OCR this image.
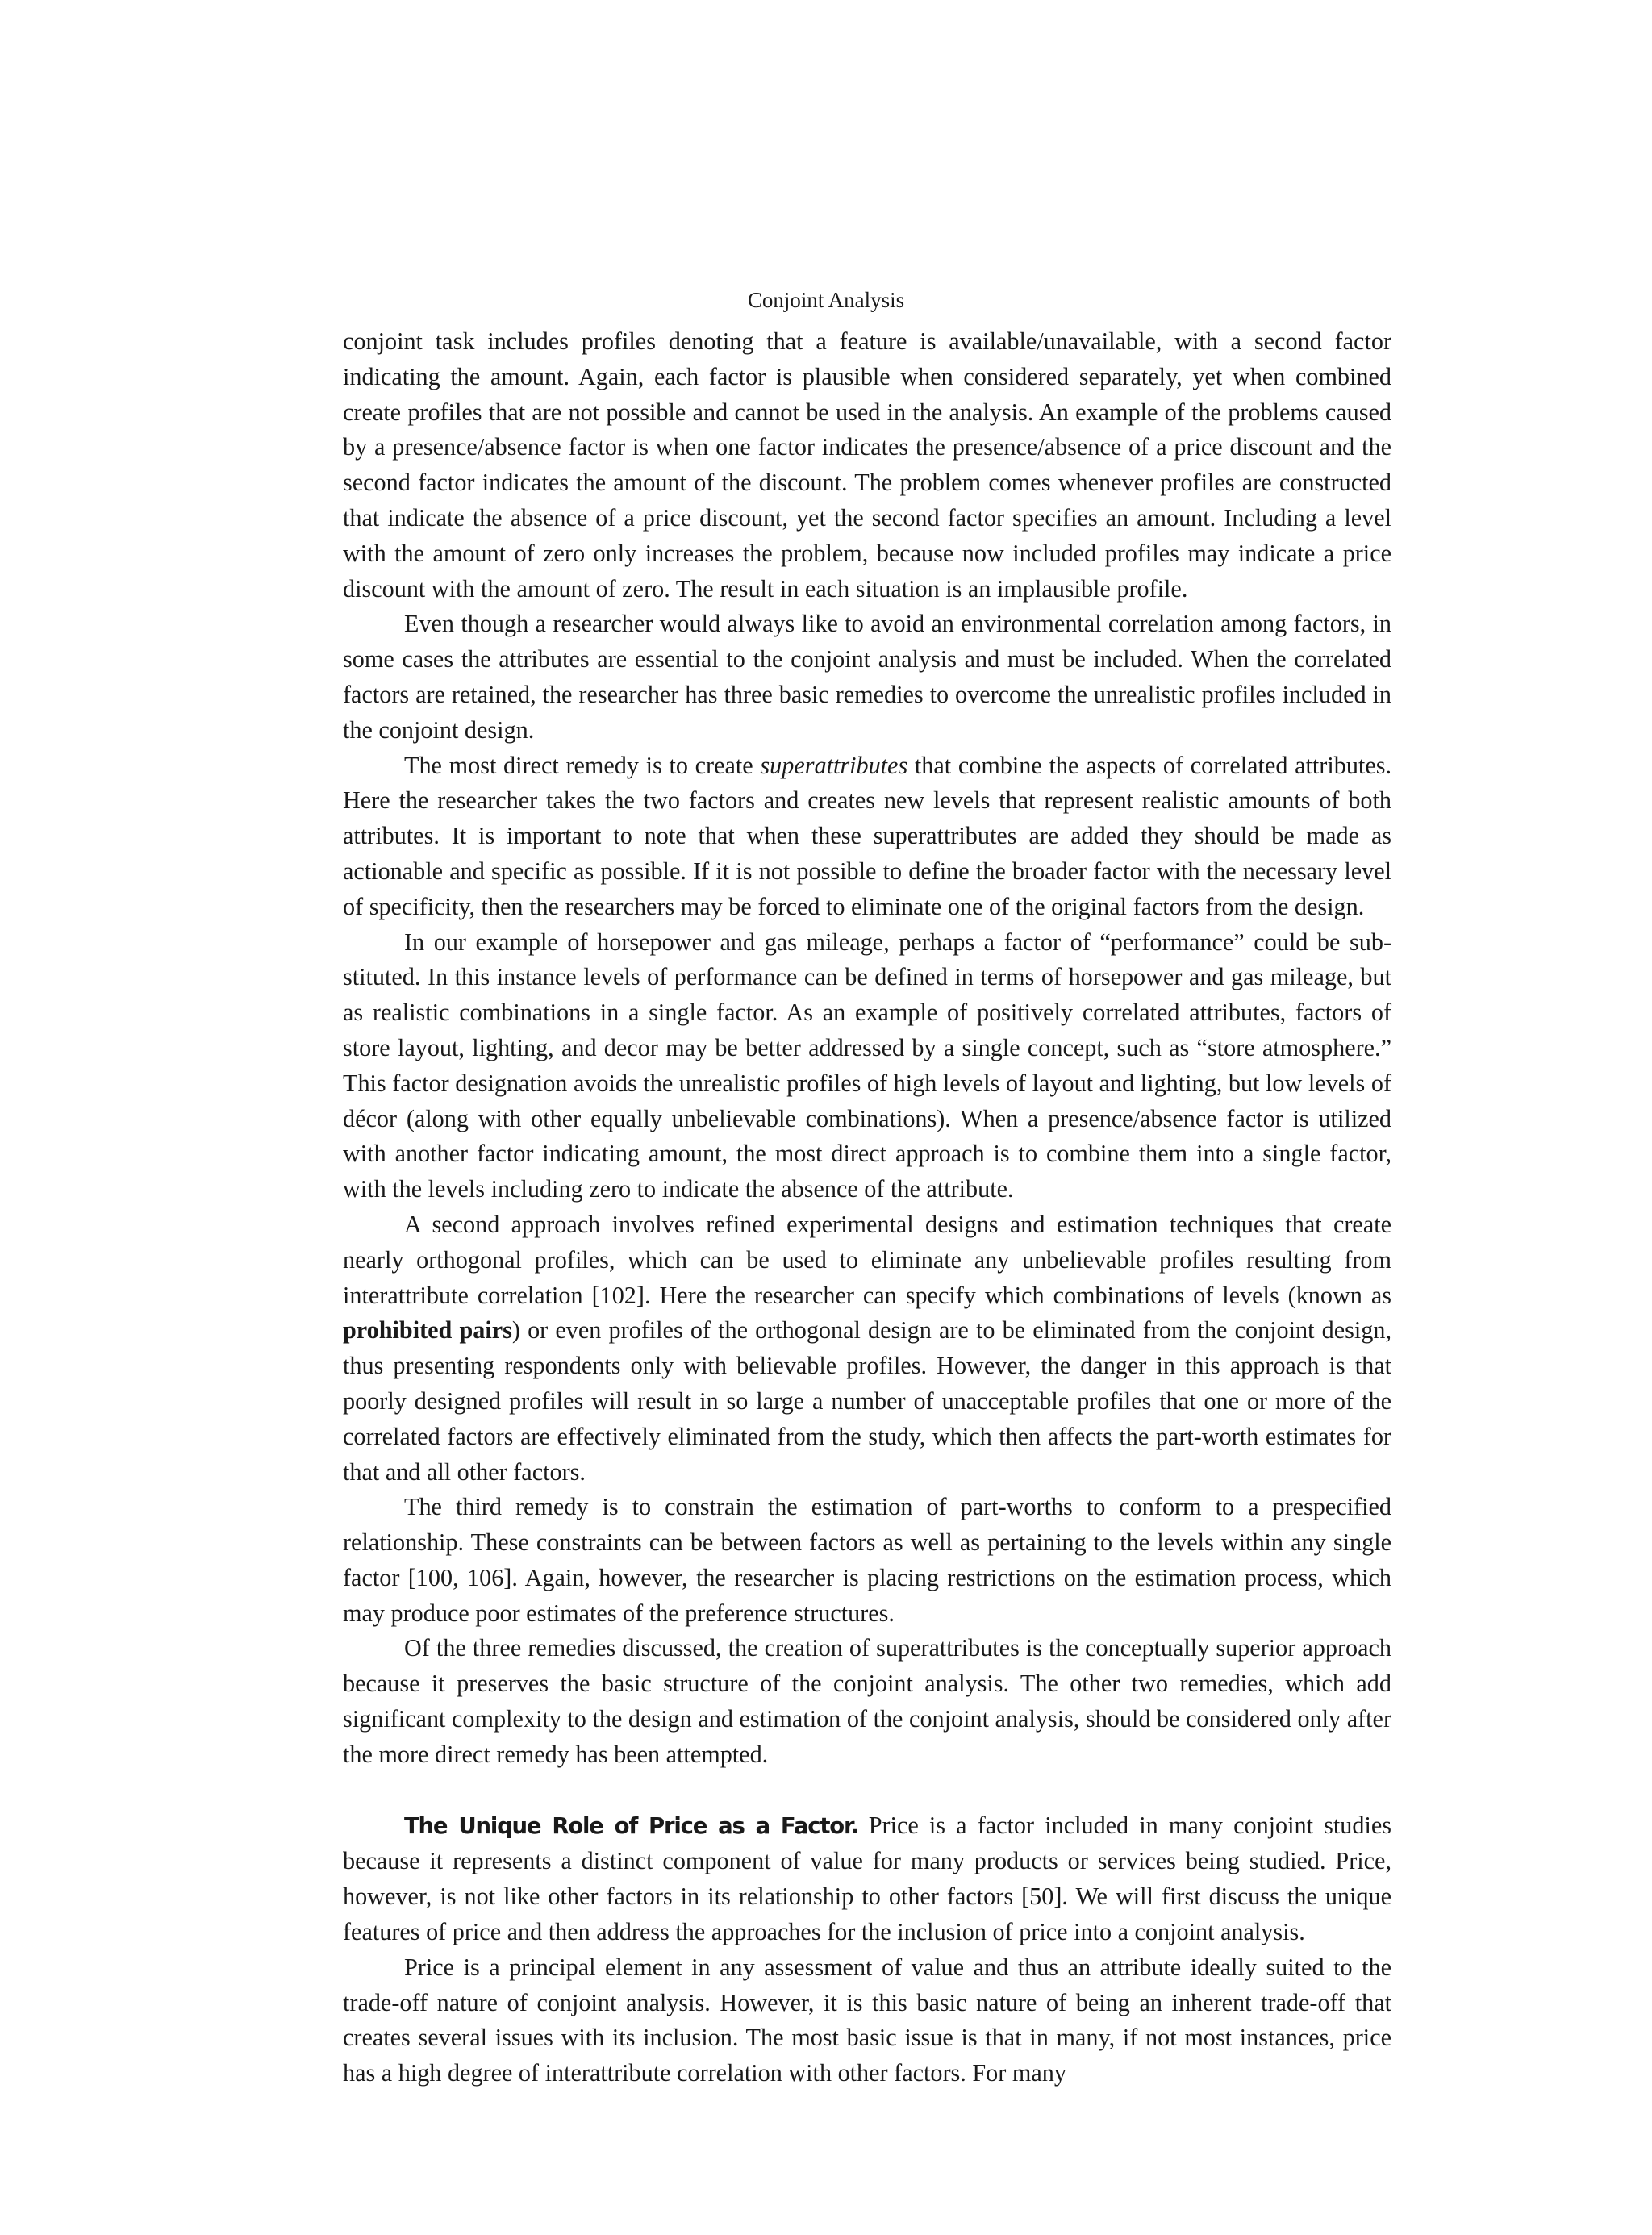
Conjoint Analysis

conjoint task includes profiles denoting that a feature is available/unavailable, with a second factor indicating the amount. Again, each factor is plausible when considered separately, yet when combined create profiles that are not possible and cannot be used in the analysis. An example of the problems caused by a presence/absence factor is when one factor indicates the presence/absence of a price discount and the second factor indicates the amount of the discount. The problem comes whenever profiles are constructed that indicate the absence of a price discount, yet the second factor specifies an amount. Including a level with the amount of zero only increases the problem, because now included profiles may indicate a price discount with the amount of zero. The result in each situation is an implausible profile.

Even though a researcher would always like to avoid an environmental correlation among factors, in some cases the attributes are essential to the conjoint analysis and must be included. When the correlated factors are retained, the researcher has three basic remedies to overcome the unrealistic profiles included in the conjoint design.

The most direct remedy is to create superattributes that combine the aspects of correlated attributes. Here the researcher takes the two factors and creates new levels that represent realistic amounts of both attributes. It is important to note that when these superattributes are added they should be made as actionable and specific as possible. If it is not possible to define the broader factor with the necessary level of specificity, then the researchers may be forced to eliminate one of the original factors from the design.

In our example of horsepower and gas mileage, perhaps a factor of “performance” could be substituted. In this instance levels of performance can be defined in terms of horsepower and gas mileage, but as realistic combinations in a single factor. As an example of positively correlated attributes, factors of store layout, lighting, and decor may be better addressed by a single concept, such as “store atmosphere.” This factor designation avoids the unrealistic profiles of high levels of layout and lighting, but low levels of décor (along with other equally unbelievable combinations). When a presence/absence factor is utilized with another factor indicating amount, the most direct approach is to combine them into a single factor, with the levels including zero to indicate the absence of the attribute.

A second approach involves refined experimental designs and estimation techniques that create nearly orthogonal profiles, which can be used to eliminate any unbelievable profiles resulting from interattribute correlation [102]. Here the researcher can specify which combinations of levels (known as prohibited pairs) or even profiles of the orthogonal design are to be eliminated from the conjoint design, thus presenting respondents only with believable profiles. However, the danger in this approach is that poorly designed profiles will result in so large a number of unacceptable profiles that one or more of the correlated factors are effectively eliminated from the study, which then affects the part-worth estimates for that and all other factors.

The third remedy is to constrain the estimation of part-worths to conform to a prespecified relationship. These constraints can be between factors as well as pertaining to the levels within any single factor [100, 106]. Again, however, the researcher is placing restrictions on the estimation process, which may produce poor estimates of the preference structures.

Of the three remedies discussed, the creation of superattributes is the conceptually superior approach because it preserves the basic structure of the conjoint analysis. The other two remedies, which add significant complexity to the design and estimation of the conjoint analysis, should be considered only after the more direct remedy has been attempted.

The Unique Role of Price as a Factor. Price is a factor included in many conjoint studies because it represents a distinct component of value for many products or services being studied. Price, however, is not like other factors in its relationship to other factors [50]. We will first discuss the unique features of price and then address the approaches for the inclusion of price into a conjoint analysis.

Price is a principal element in any assessment of value and thus an attribute ideally suited to the trade-off nature of conjoint analysis. However, it is this basic nature of being an inherent trade-off that creates several issues with its inclusion. The most basic issue is that in many, if not most instances, price has a high degree of interattribute correlation with other factors. For many
